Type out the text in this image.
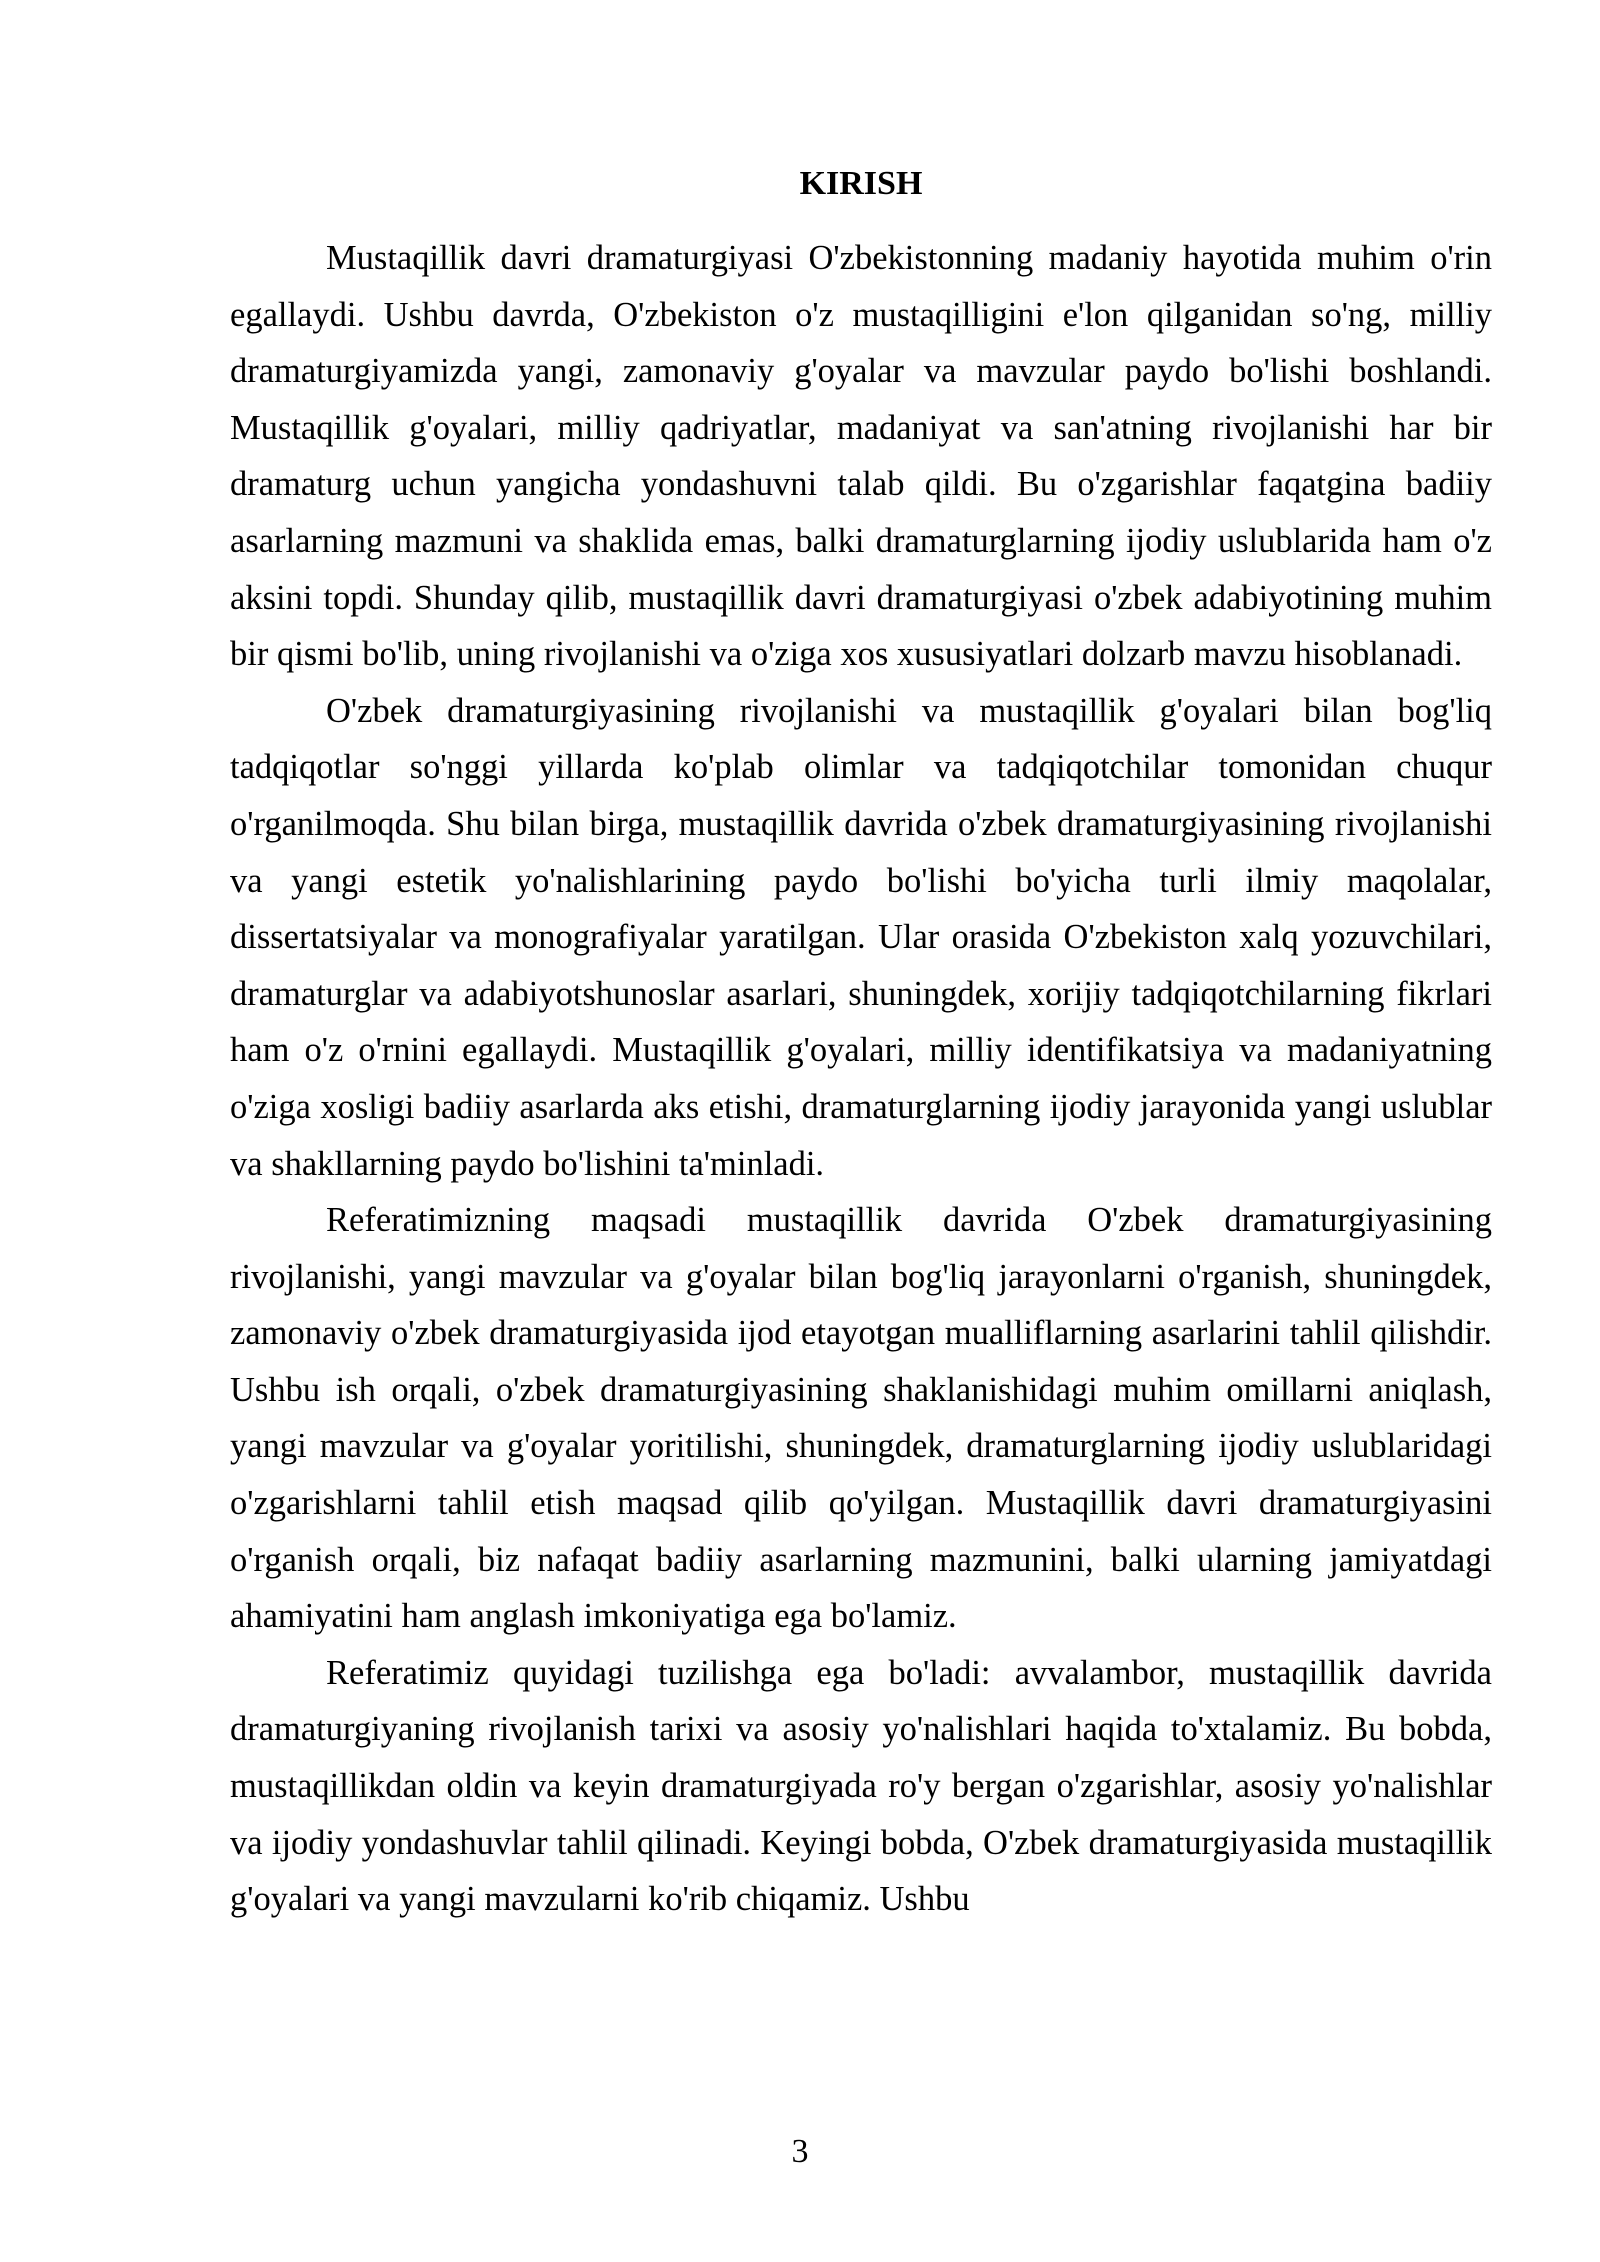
KIRISH

Mustaqillik davri dramaturgiyasi O'zbekistonning madaniy hayotida muhim o'rin egallaydi. Ushbu davrda, O'zbekiston o'z mustaqilligini e'lon qilganidan so'ng, milliy dramaturgiyamizda yangi, zamonaviy g'oyalar va mavzular paydo bo'lishi boshlandi. Mustaqillik g'oyalari, milliy qadriyatlar, madaniyat va san'atning rivojlanishi har bir dramaturg uchun yangicha yondashuvni talab qildi. Bu o'zgarishlar faqatgina badiiy asarlarning mazmuni va shaklida emas, balki dramaturglarning ijodiy uslublarida ham o'z aksini topdi. Shunday qilib, mustaqillik davri dramaturgiyasi o'zbek adabiyotining muhim bir qismi bo'lib, uning rivojlanishi va o'ziga xos xususiyatlari dolzarb mavzu hisoblanadi.

O'zbek dramaturgiyasining rivojlanishi va mustaqillik g'oyalari bilan bog'liq tadqiqotlar so'nggi yillarda ko'plab olimlar va tadqiqotchilar tomonidan chuqur o'rganilmoqda. Shu bilan birga, mustaqillik davrida o'zbek dramaturgiyasining rivojlanishi va yangi estetik yo'nalishlarining paydo bo'lishi bo'yicha turli ilmiy maqolalar, dissertatsiyalar va monografiyalar yaratilgan. Ular orasida O'zbekiston xalq yozuvchilari, dramaturglar va adabiyotshunoslar asarlari, shuningdek, xorijiy tadqiqotchilarning fikrlari ham o'z o'rnini egallaydi. Mustaqillik g'oyalari, milliy identifikatsiya va madaniyatning o'ziga xosligi badiiy asarlarda aks etishi, dramaturglarning ijodiy jarayonida yangi uslublar va shakllarning paydo bo'lishini ta'minladi.

Referatimizning maqsadi mustaqillik davrida O'zbek dramaturgiyasining rivojlanishi, yangi mavzular va g'oyalar bilan bog'liq jarayonlarni o'rganish, shuningdek, zamonaviy o'zbek dramaturgiyasida ijod etayotgan mualliflarning asarlarini tahlil qilishdir. Ushbu ish orqali, o'zbek dramaturgiyasining shaklanishidagi muhim omillarni aniqlash, yangi mavzular va g'oyalar yoritilishi, shuningdek, dramaturglarning ijodiy uslublaridagi o'zgarishlarni tahlil etish maqsad qilib qo'yilgan. Mustaqillik davri dramaturgiyasini o'rganish orqali, biz nafaqat badiiy asarlarning mazmunini, balki ularning jamiyatdagi ahamiyatini ham anglash imkoniyatiga ega bo'lamiz.

Referatimiz quyidagi tuzilishga ega bo'ladi: avvalambor, mustaqillik davrida dramaturgiyaning rivojlanish tarixi va asosiy yo'nalishlari haqida to'xtalamiz. Bu bobda, mustaqillikdan oldin va keyin dramaturgiyada ro'y bergan o'zgarishlar, asosiy yo'nalishlar va ijodiy yondashuvlar tahlil qilinadi. Keyingi bobda, O'zbek dramaturgiyasida mustaqillik g'oyalari va yangi mavzularni ko'rib chiqamiz. Ushbu

3
